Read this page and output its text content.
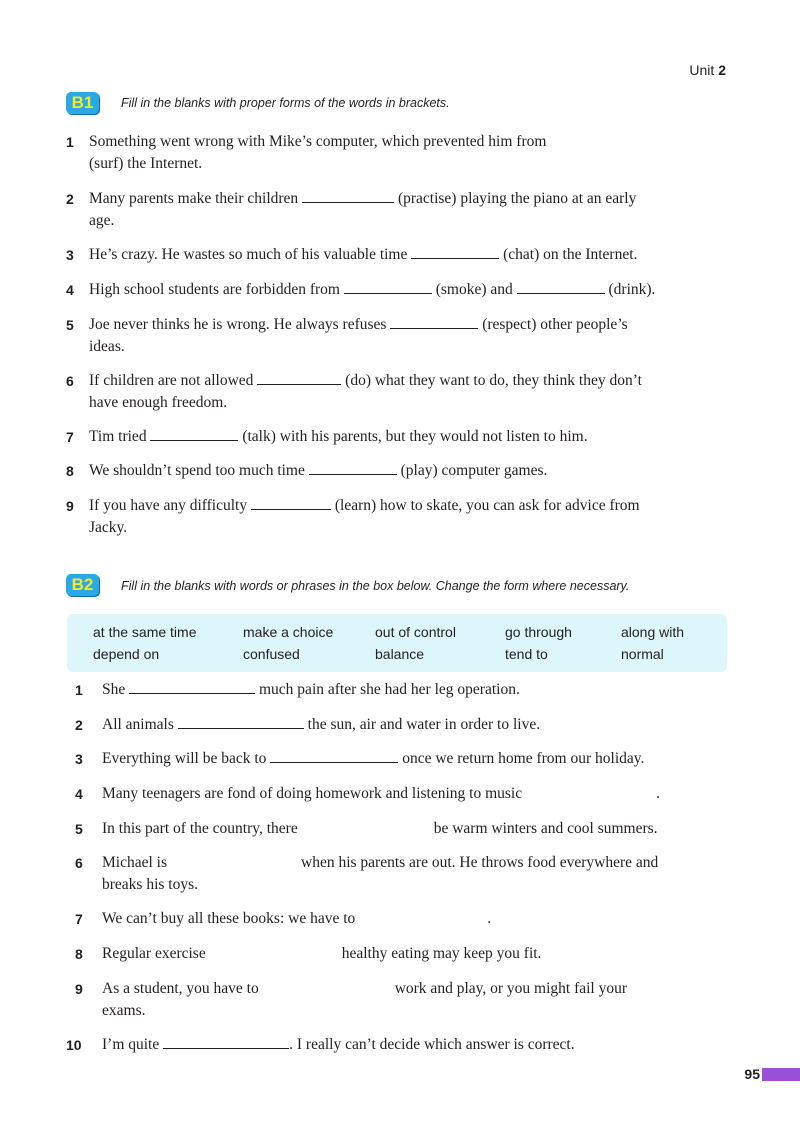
Unit 2
B1	Fill in the blanks with proper forms of the words in brackets.
1 Something went wrong with Mike’s computer, which prevented him from
(surf) the Internet.
2 Many parents make their children	(practise) playing the piano at an early
age.
3 He’s crazy. He wastes so much of his valuable time	(chat) on the Internet.
4 High school students are forbidden from	(smoke) and	(drink).
5 Joe never thinks he is wrong. He always refuses	(respect) other people’s
ideas.
6 If children are not allowed	(do) what they want to do, they think they don’t
have enough freedom.
7 Tim tried	(talk) with his parents, but they would not listen to him.
8 We shouldn’t spend too much time	(play) computer games.
9 If you have any difficulty	(learn) how to skate, you can ask for advice from
Jacky.
B2	Fill in the blanks with words or phrases in the box below. Change the form where necessary.
at the same time	make a choice	out of control	go through	along with
depend on	confused	balance	tend to	normal
1 She	much pain after she had her leg operation.
2 All animals	the sun, air and water in order to live.
3 Everything will be back to	once we return home from our holiday.
4 Many teenagers are fond of doing homework and listening to music	.
5 In this part of the country, there	be warm winters and cool summers.
6 Michael is	when his parents are out. He throws food everywhere and
breaks his toys.
7 We can’t buy all these books: we have to	.
8 Regular exercise	healthy eating may keep you fit.
9 As a student, you have to	work and play, or you might fail your
exams.
10 I’m quite	. I really can’t decide which answer is correct.
95
